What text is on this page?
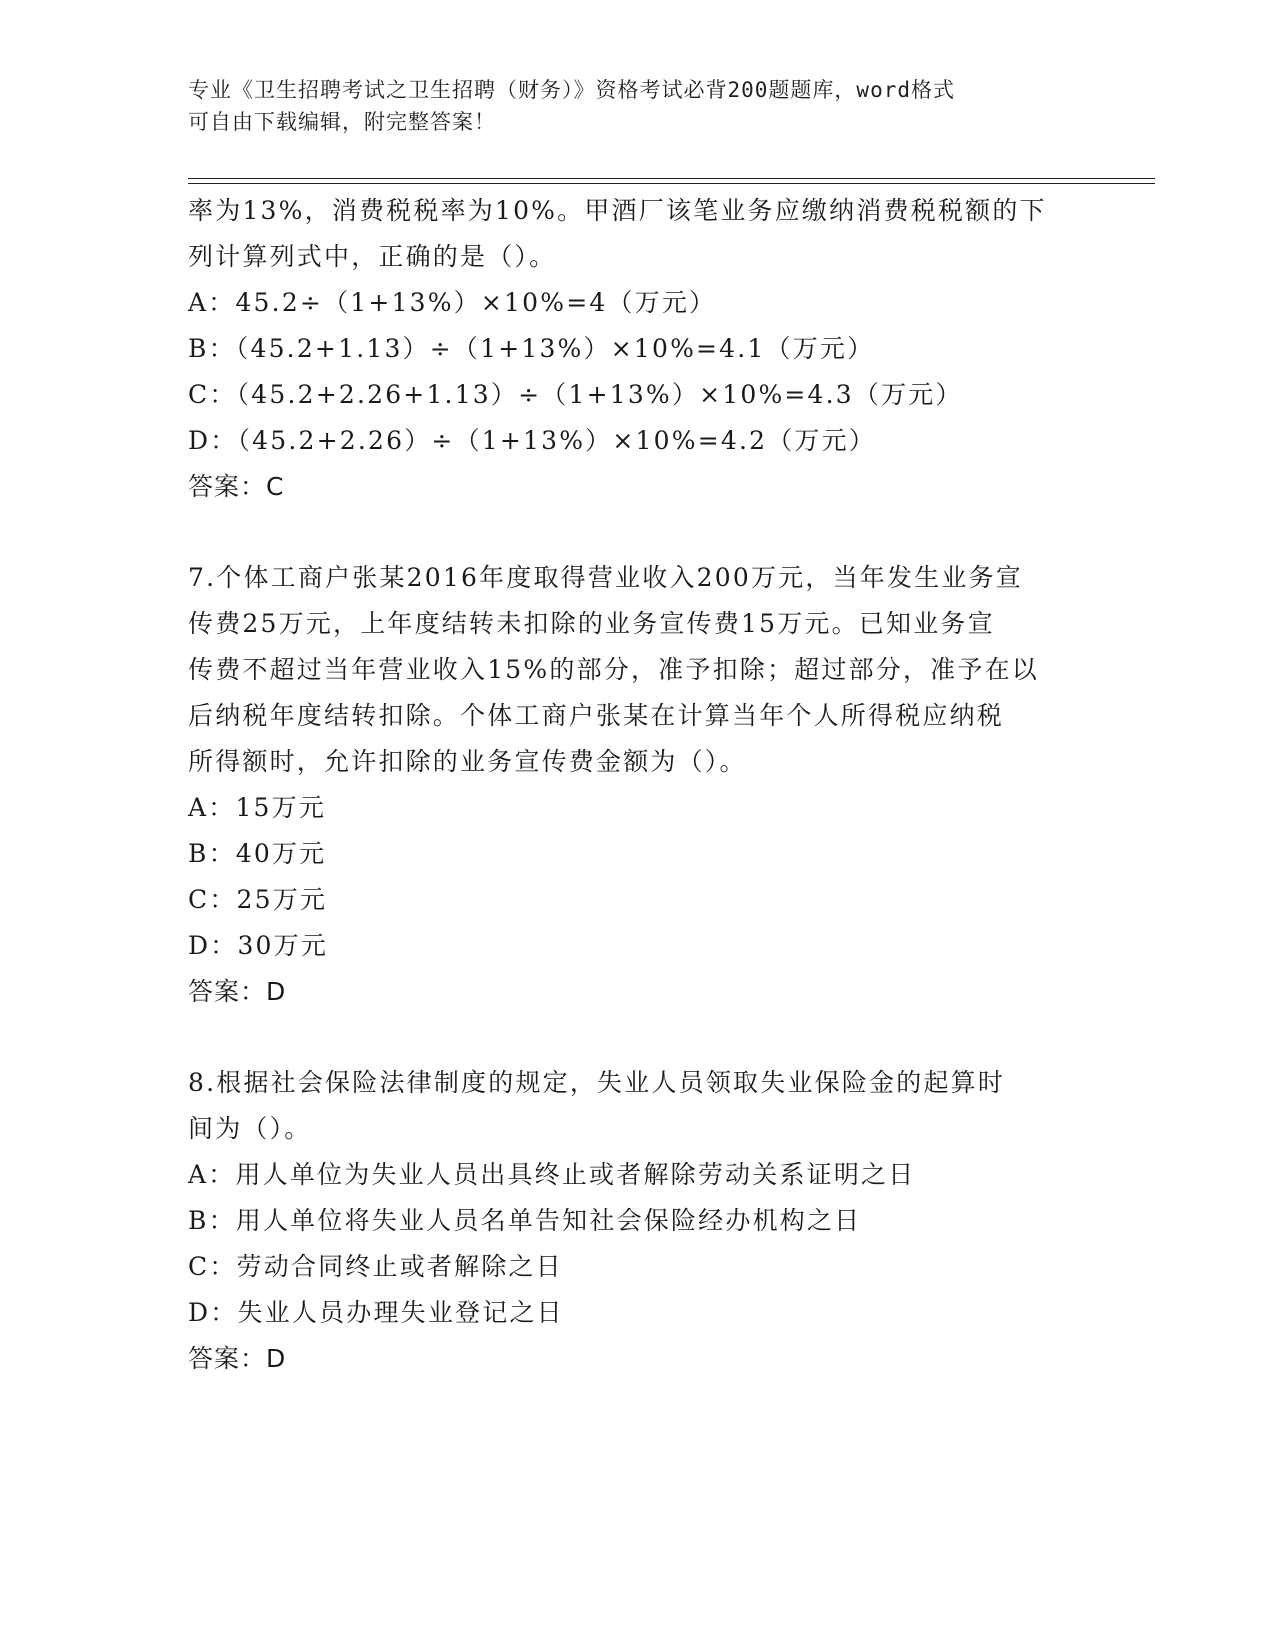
专业《卫生招聘考试之卫生招聘（财务）》资格考试必背200题题库，word格式
可自由下载编辑，附完整答案！
率为13%，消费税税率为10%。甲酒厂该笔业务应缴纳消费税税额的下
列计算列式中，正确的是（）。
A：45.2÷（1+13%）×10%=4（万元）
B：（45.2+1.13）÷（1+13%）×10%=4.1（万元）
C：（45.2+2.26+1.13）÷（1+13%）×10%=4.3（万元）
D：（45.2+2.26）÷（1+13%）×10%=4.2（万元）
答案：C
7.个体工商户张某2016年度取得营业收入200万元，当年发生业务宣
传费25万元，上年度结转未扣除的业务宣传费15万元。已知业务宣
传费不超过当年营业收入15%的部分，准予扣除；超过部分，准予在以
后纳税年度结转扣除。个体工商户张某在计算当年个人所得税应纳税
所得额时，允许扣除的业务宣传费金额为（）。
A：15万元
B：40万元
C：25万元
D：30万元
答案：D
8.根据社会保险法律制度的规定，失业人员领取失业保险金的起算时
间为（）。
A：用人单位为失业人员出具终止或者解除劳动关系证明之日
B：用人单位将失业人员名单告知社会保险经办机构之日
C：劳动合同终止或者解除之日
D：失业人员办理失业登记之日
答案：D
